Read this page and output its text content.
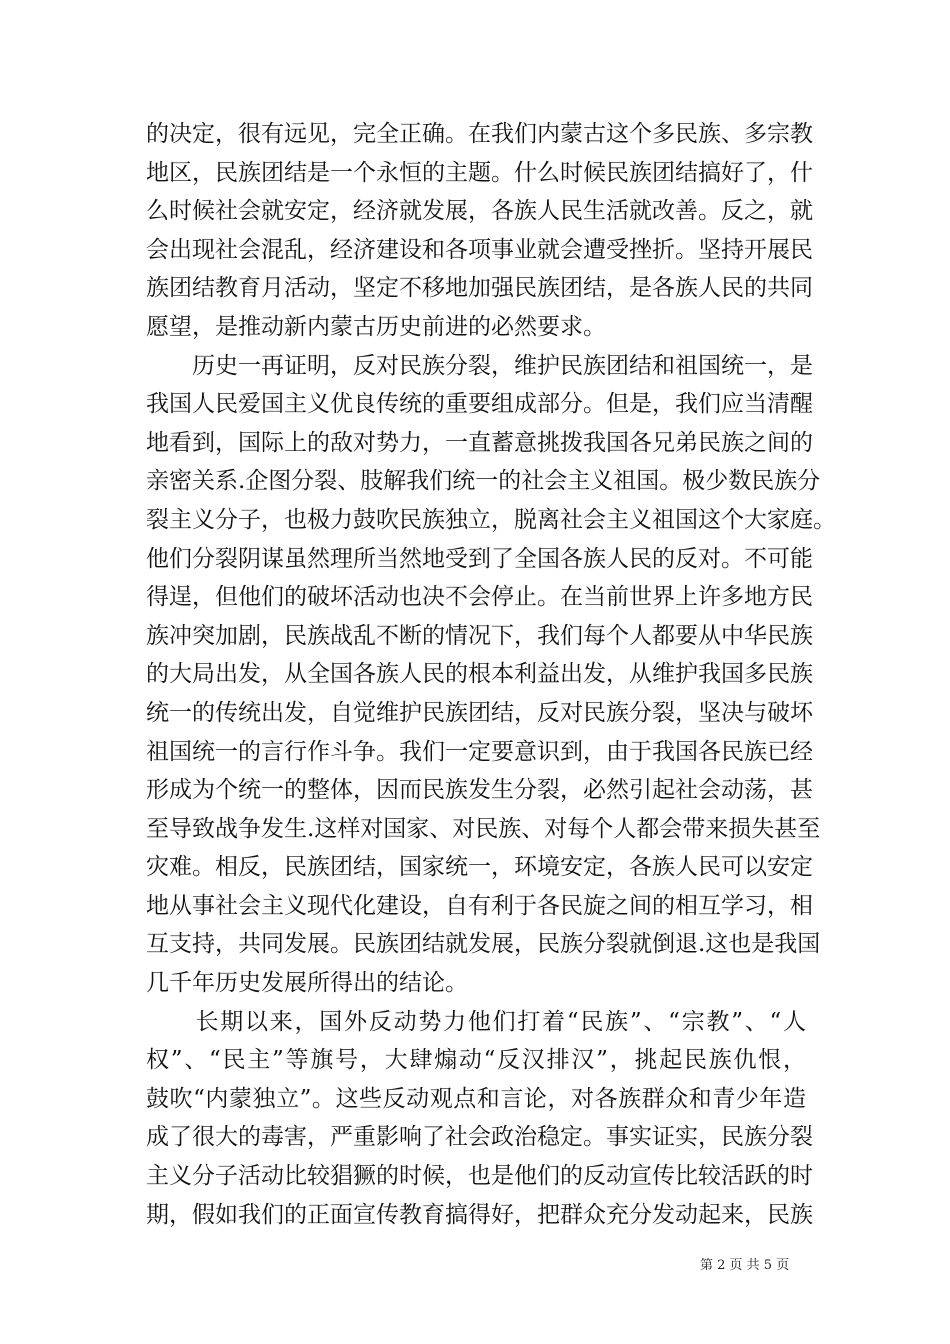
的决定，很有远见，完全正确。在我们内蒙古这个多民族、多宗教
地区，民族团结是一个永恒的主题。什么时候民族团结搞好了，什
么时候社会就安定，经济就发展，各族人民生活就改善。反之，就
会出现社会混乱，经济建设和各项事业就会遭受挫折。坚持开展民
族团结教育月活动，坚定不移地加强民族团结，是各族人民的共同
愿望，是推动新内蒙古历史前进的必然要求。
　　历史一再证明，反对民族分裂，维护民族团结和祖国统一，是
我国人民爱国主义优良传统的重要组成部分。但是，我们应当清醒
地看到，国际上的敌对势力，一直蓄意挑拨我国各兄弟民族之间的
亲密关系.企图分裂、肢解我们统一的社会主义祖国。极少数民族分
裂主义分子，也极力鼓吹民族独立，脱离社会主义祖国这个大家庭。
他们分裂阴谋虽然理所当然地受到了全国各族人民的反对。不可能
得逞，但他们的破坏活动也决不会停止。在当前世界上许多地方民
族冲突加剧，民族战乱不断的情况下，我们每个人都要从中华民族
的大局出发，从全国各族人民的根本利益出发，从维护我国多民族
统一的传统出发，自觉维护民族团结，反对民族分裂，坚决与破坏
祖国统一的言行作斗争。我们一定要意识到，由于我国各民族已经
形成为个统一的整体，因而民族发生分裂，必然引起社会动荡，甚
至导致战争发生.这样对国家、对民族、对每个人都会带来损失甚至
灾难。相反，民族团结，国家统一，环境安定，各族人民可以安定
地从事社会主义现代化建设，自有利于各民旋之间的相互学习，相
互支持，共同发展。民族团结就发展，民族分裂就倒退.这也是我国
几千年历史发展所得出的结论。
　　长期以来，国外反动势力他们打着“民族”、“宗教”、“人
权”、“民主”等旗号，大肆煽动“反汉排汉”，挑起民族仇恨，
鼓吹“内蒙独立”。这些反动观点和言论，对各族群众和青少年造
成了很大的毒害，严重影响了社会政治稳定。事实证实，民族分裂
主义分子活动比较猖獗的时候，也是他们的反动宣传比较活跃的时
期，假如我们的正面宣传教育搞得好，把群众充分发动起来，民族
第 2 页 共 5 页
